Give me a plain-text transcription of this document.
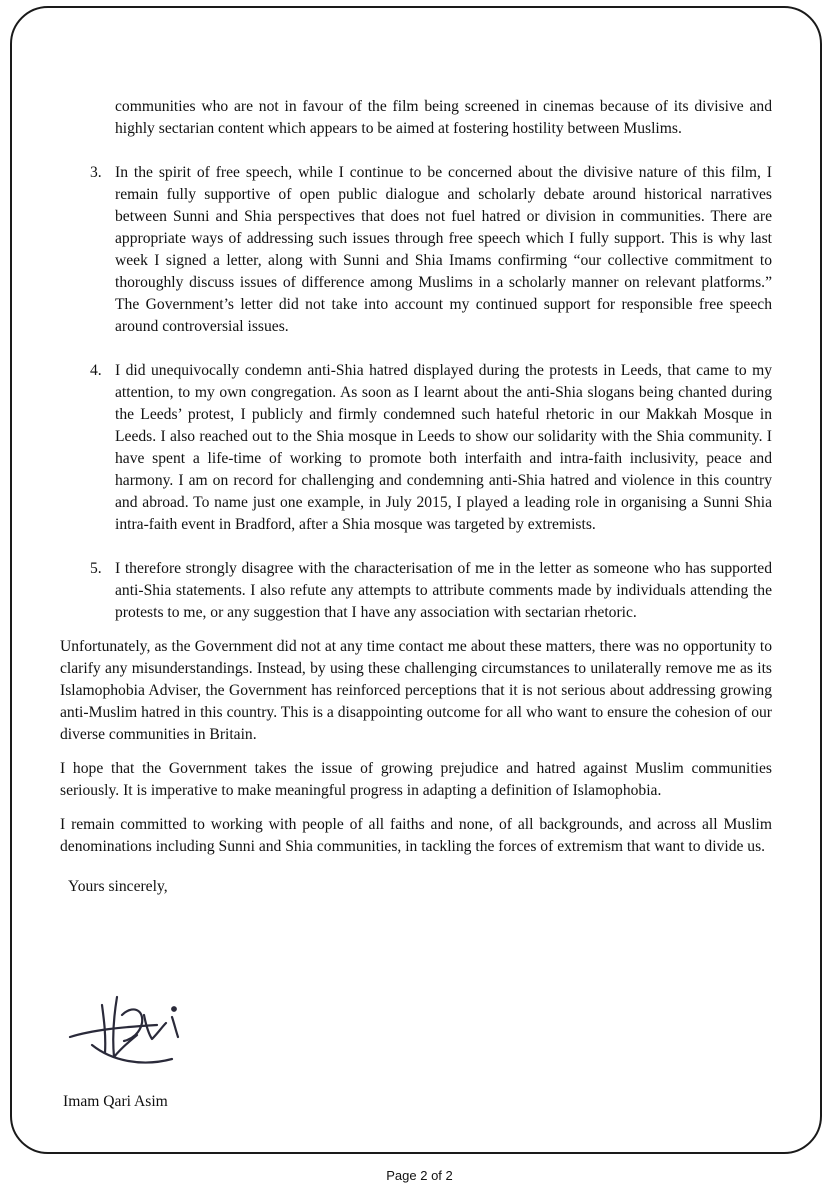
communities who are not in favour of the film being screened in cinemas because of its divisive and highly sectarian content which appears to be aimed at fostering hostility between Muslims.

3. In the spirit of free speech, while I continue to be concerned about the divisive nature of this film, I remain fully supportive of open public dialogue and scholarly debate around historical narratives between Sunni and Shia perspectives that does not fuel hatred or division in communities. There are appropriate ways of addressing such issues through free speech which I fully support. This is why last week I signed a letter, along with Sunni and Shia Imams confirming “our collective commitment to thoroughly discuss issues of difference among Muslims in a scholarly manner on relevant platforms.” The Government’s letter did not take into account my continued support for responsible free speech around controversial issues.
4. I did unequivocally condemn anti-Shia hatred displayed during the protests in Leeds, that came to my attention, to my own congregation. As soon as I learnt about the anti-Shia slogans being chanted during the Leeds’ protest, I publicly and firmly condemned such hateful rhetoric in our Makkah Mosque in Leeds. I also reached out to the Shia mosque in Leeds to show our solidarity with the Shia community. I have spent a life-time of working to promote both interfaith and intra-faith inclusivity, peace and harmony. I am on record for challenging and condemning anti-Shia hatred and violence in this country and abroad. To name just one example, in July 2015, I played a leading role in organising a Sunni Shia intra-faith event in Bradford, after a Shia mosque was targeted by extremists.
5. I therefore strongly disagree with the characterisation of me in the letter as someone who has supported anti-Shia statements. I also refute any attempts to attribute comments made by individuals attending the protests to me, or any suggestion that I have any association with sectarian rhetoric.

Unfortunately, as the Government did not at any time contact me about these matters, there was no opportunity to clarify any misunderstandings. Instead, by using these challenging circumstances to unilaterally remove me as its Islamophobia Adviser, the Government has reinforced perceptions that it is not serious about addressing growing anti-Muslim hatred in this country. This is a disappointing outcome for all who want to ensure the cohesion of our diverse communities in Britain.

I hope that the Government takes the issue of growing prejudice and hatred against Muslim communities seriously. It is imperative to make meaningful progress in adapting a definition of Islamophobia.

I remain committed to working with people of all faiths and none, of all backgrounds, and across all Muslim denominations including Sunni and Shia communities, in tackling the forces of extremism that want to divide us.

Yours sincerely,

Imam Qari Asim
Page 2 of 2
